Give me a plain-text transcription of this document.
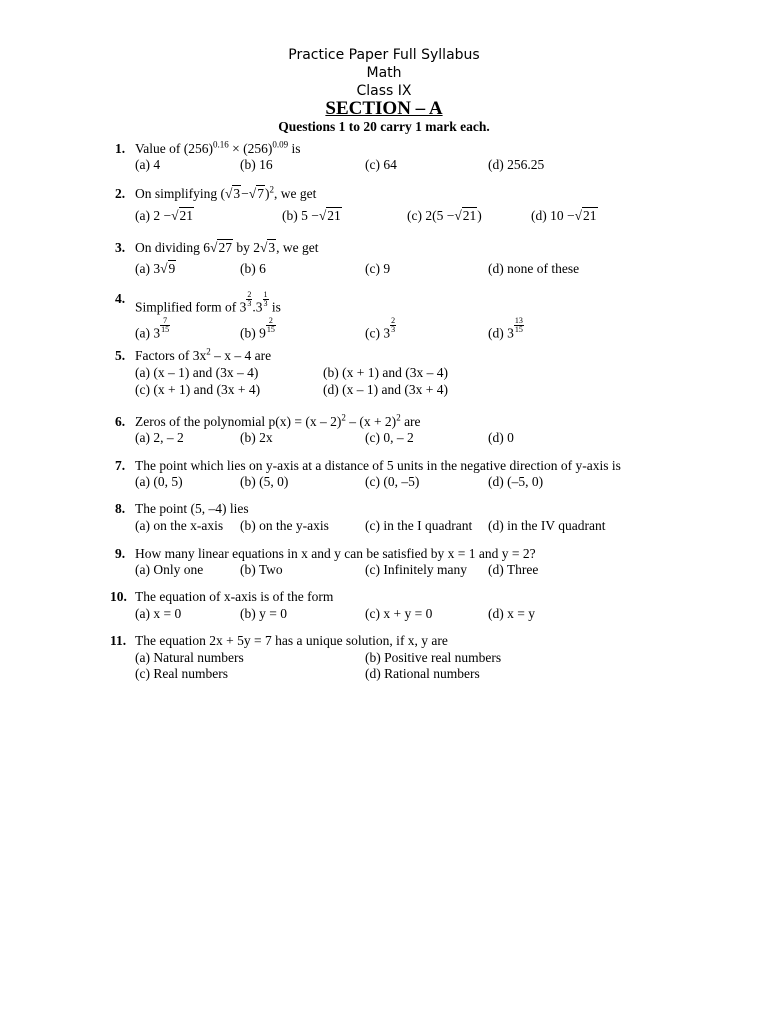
Practice Paper Full Syllabus
Math
Class IX
SECTION – A
Questions 1 to 20 carry 1 mark each.
1. Value of $(256)^{0.16} \times (256)^{0.09}$ is
(a) 4	(b) 16	(c) 64	(d) 256.25
2. On simplifying $(√3-√7)^2$, we get
(a) 2 −√21	(b) 5 −√21	(c) 2(5 −√21)	(d) 10 −√21
3. On dividing 6√27 by 2√3, we get
(a) 3√9	(b) 6	(c) 9	(d) none of these
4.
Simplified form of $3 \frac{2}{3} .3 \frac{1}{3}$ is
(a) $3 \frac{7}{15}$	(b) $9 \frac{2}{15}$	(c) $3 \frac{2}{3}$	(d) $3 \frac{13}{15}$
5. Factors of $3x^2$ – x – 4 are
(a) (x – 1) and (3x – 4)	(b) (x + 1) and (3x – 4)
(c) (x + 1) and (3x + 4)	(d) (x – 1) and (3x + 4)
6. Zeros of the polynomial $p(x) = (x - 2)^2 - (x + 2)^2$ are
(a) 2, – 2	(b) 2x	(c) 0, – 2	(d) 0
7. The point which lies on y-axis at a distance of 5 units in the negative direction of y-axis is
(a) (0, 5)	(b) (5, 0)	(c) (0, –5)	(d) (–5, 0)
8. The point (5, –4) lies
(a) on the x-axis (b) on the y-axis	(c) in the I quadrant (d) in the IV quadrant
9. How many linear equations in x and y can be satisfied by x = 1 and y = 2?
(a) Only one	(b) Two	(c) Infinitely many (d) Three
10. The equation of x-axis is of the form
(a) x = 0	(b) y = 0	(c) x + y = 0	(d) x = y
11. The equation 2x + 5y = 7 has a unique solution, if x, y are
(a) Natural numbers	(b) Positive real numbers
(c) Real numbers	(d) Rational numbers
